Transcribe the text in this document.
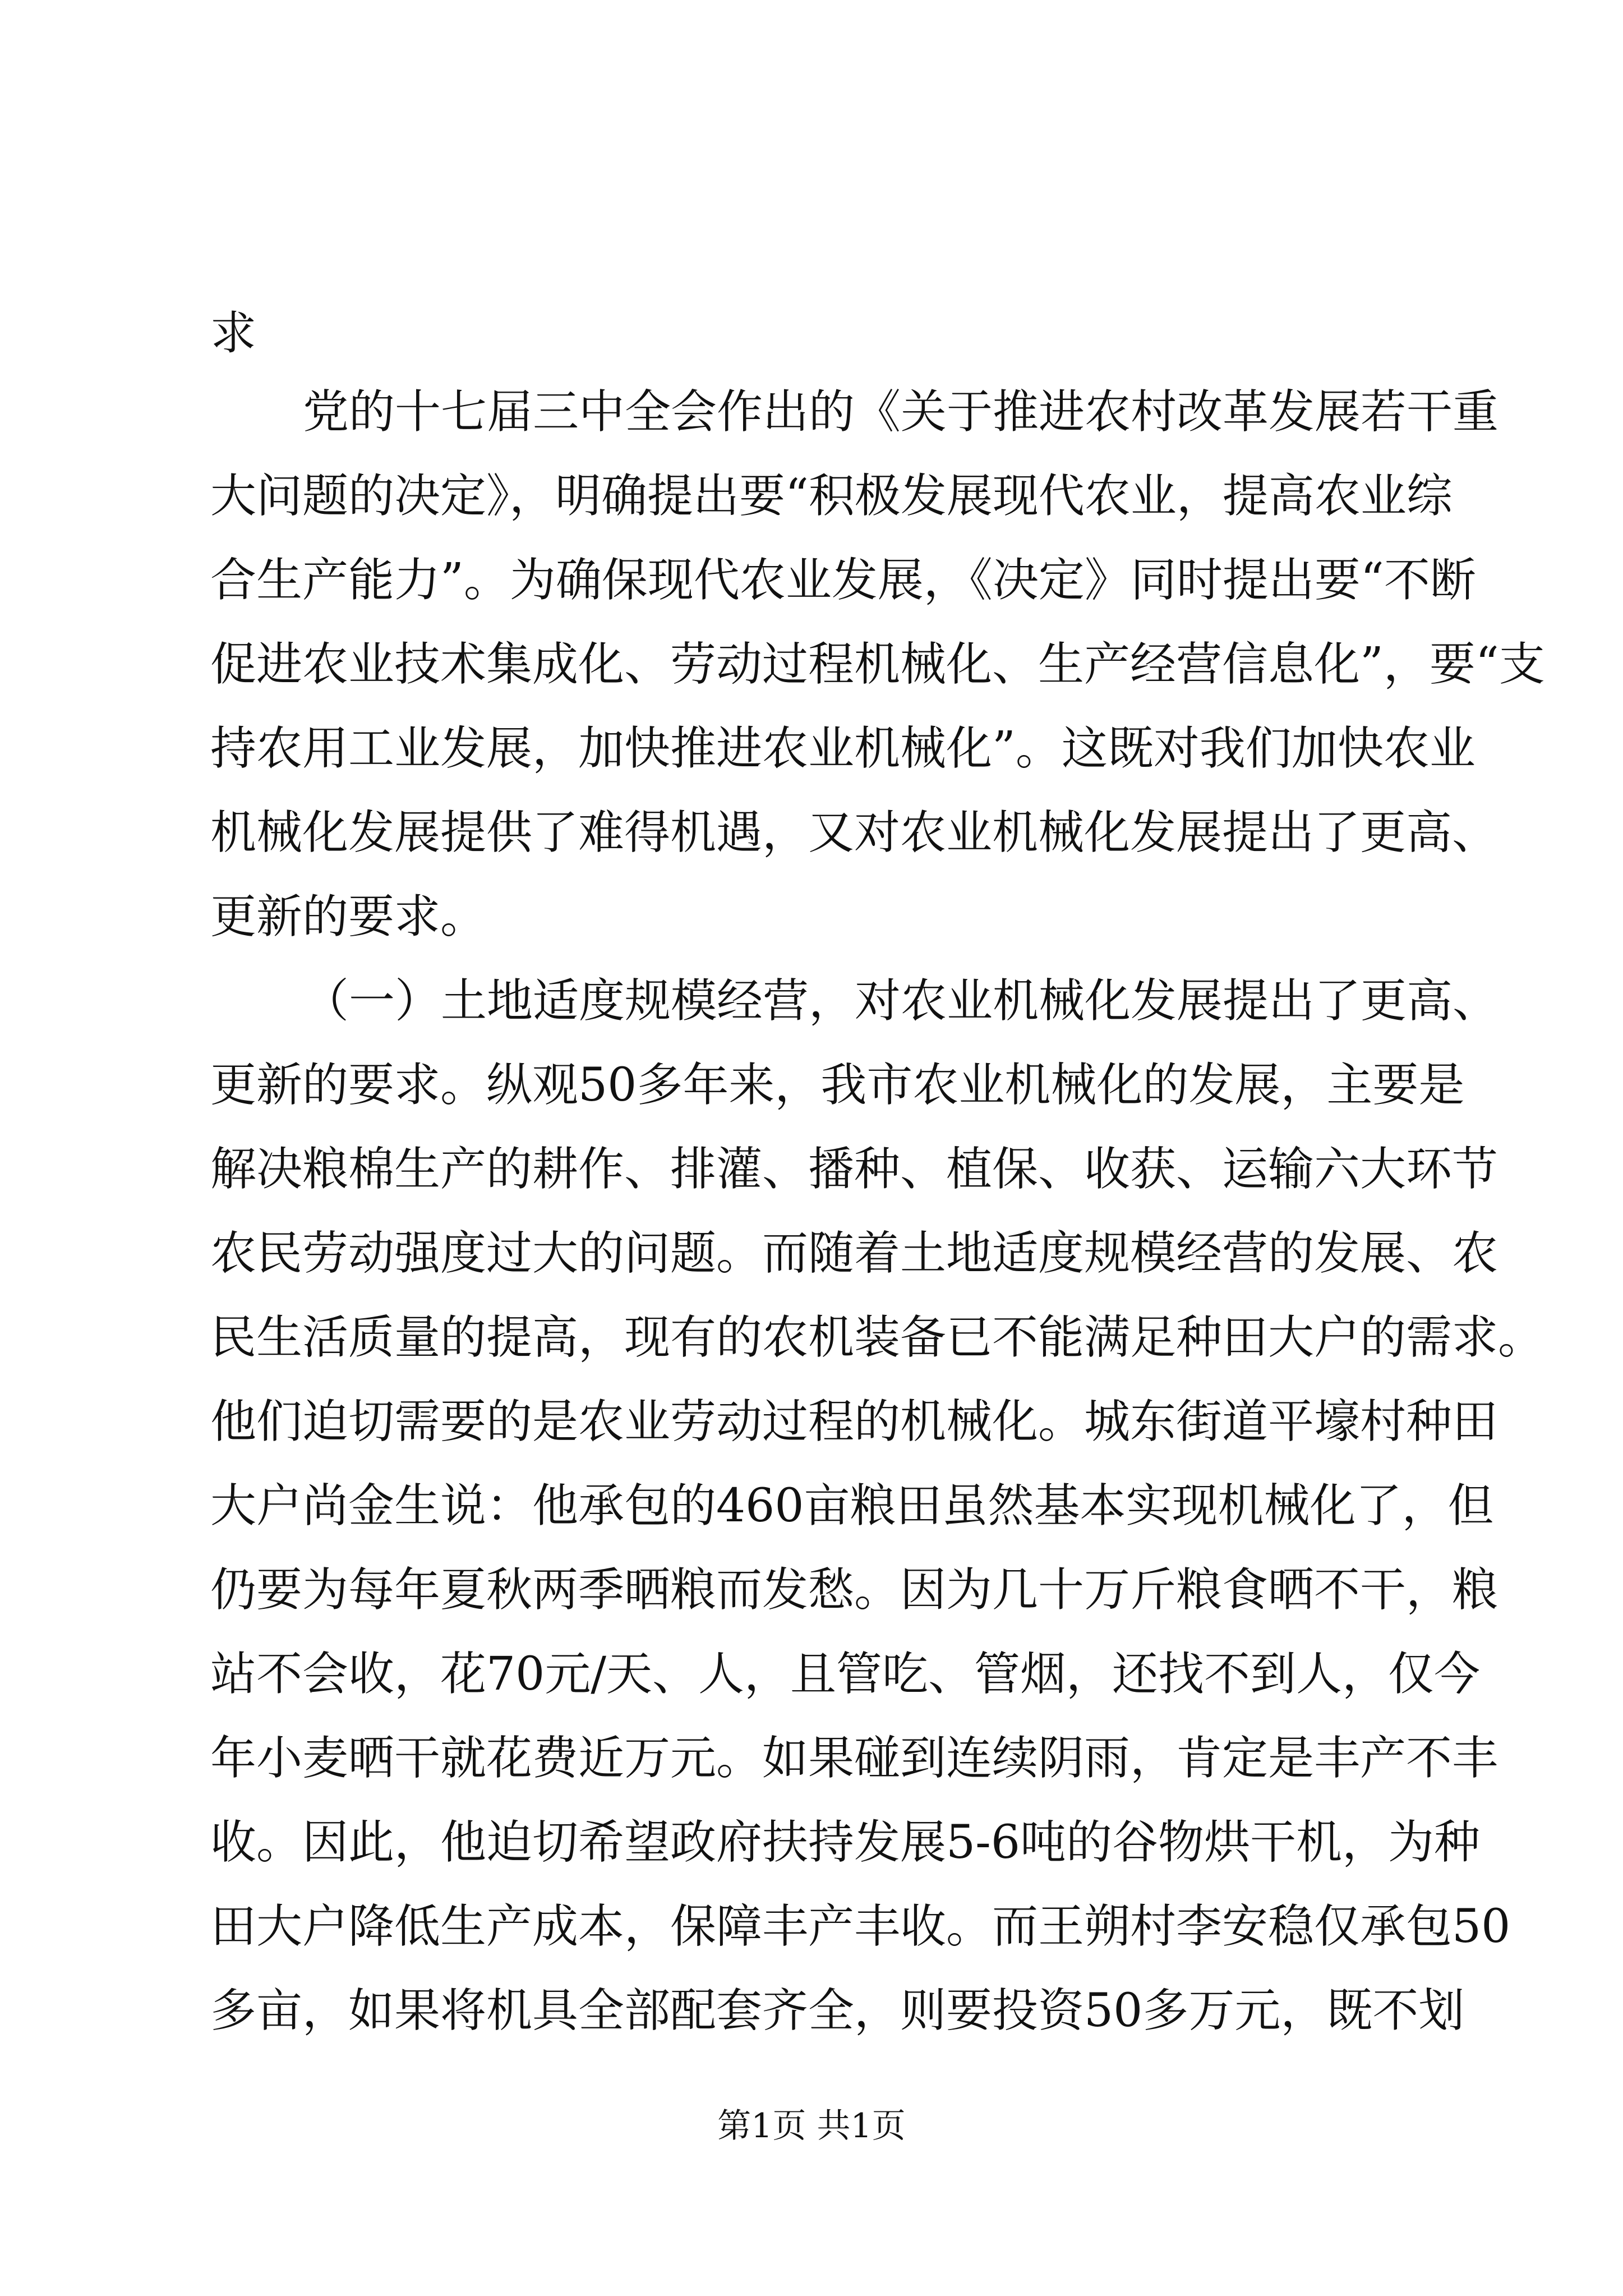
求
党的十七届三中全会作出的《关于推进农村改革发展若干重
大问题的决定》，明确提出要“积极发展现代农业，提高农业综
合生产能力”。为确保现代农业发展，《决定》同时提出要“不断
促进农业技术集成化、劳动过程机械化、生产经营信息化”，要“支
持农用工业发展，加快推进农业机械化”。这既对我们加快农业
机械化发展提供了难得机遇，又对农业机械化发展提出了更高、
更新的要求。
（一）土地适度规模经营，对农业机械化发展提出了更高、
更新的要求。纵观50多年来，我市农业机械化的发展，主要是
解决粮棉生产的耕作、排灌、播种、植保、收获、运输六大环节
农民劳动强度过大的问题。而随着土地适度规模经营的发展、农
民生活质量的提高，现有的农机装备已不能满足种田大户的需求。
他们迫切需要的是农业劳动过程的机械化。城东街道平壕村种田
大户尚金生说：他承包的460亩粮田虽然基本实现机械化了，但
仍要为每年夏秋两季晒粮而发愁。因为几十万斤粮食晒不干，粮
站不会收，花70元/天、人，且管吃、管烟，还找不到人，仅今
年小麦晒干就花费近万元。如果碰到连续阴雨，肯定是丰产不丰
收。因此，他迫切希望政府扶持发展5-6吨的谷物烘干机，为种
田大户降低生产成本，保障丰产丰收。而王朔村李安稳仅承包50
多亩，如果将机具全部配套齐全，则要投资50多万元，既不划
第1页 共1页
